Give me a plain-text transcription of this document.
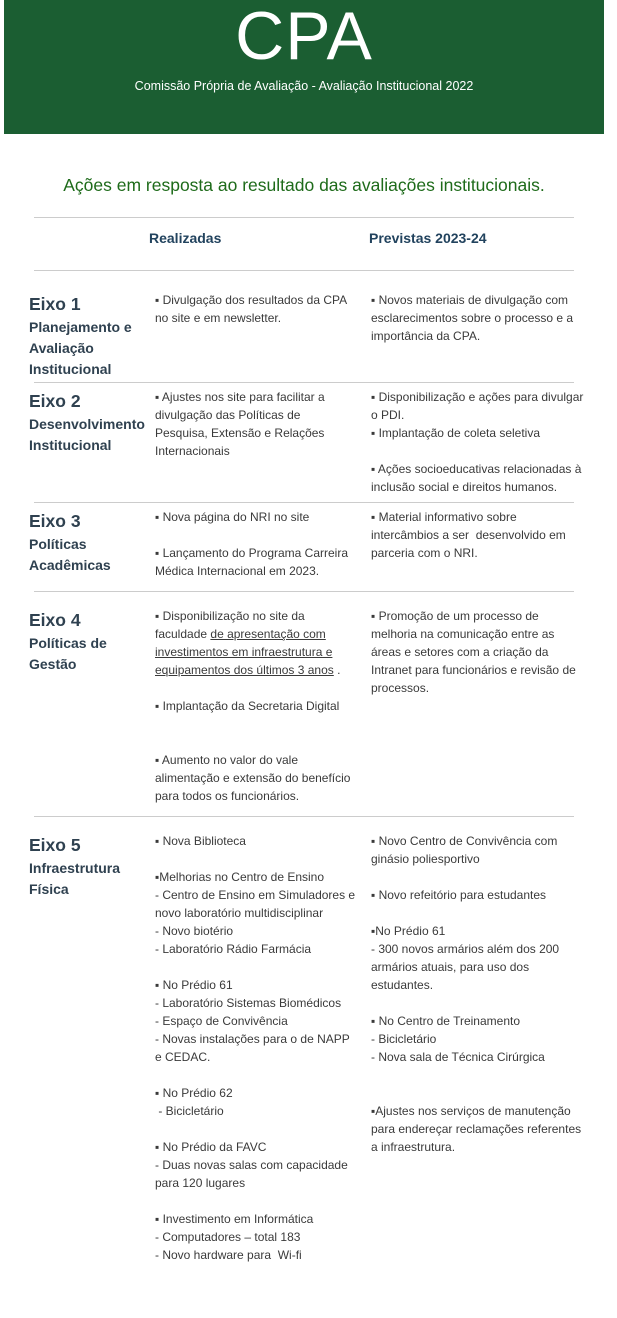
CPA
Comissão Própria de Avaliação - Avaliação Institucional 2022
Ações em resposta ao resultado das avaliações institucionais.
Realizadas	Previstas 2023-24
Eixo 1
Planejamento e Avaliação Institucional
▪ Divulgação dos resultados da CPA
no site e em newsletter.
▪ Novos materiais de divulgação com
esclarecimentos sobre o processo e a
importância da CPA.
Eixo 2
Desenvolvimento Institucional
▪ Ajustes nos site para facilitar a
divulgação das Políticas de
Pesquisa, Extensão e Relações
Internacionais
▪ Disponibilização e ações para divulgar
o PDI.
▪ Implantação de coleta seletiva
▪ Ações socioeducativas relacionadas à
inclusão social e direitos humanos.
Eixo 3
Políticas Acadêmicas
▪ Nova página do NRI no site
▪ Lançamento do Programa Carreira
Médica Internacional em 2023.
▪ Material informativo sobre
intercâmbios a ser  desenvolvido em
parceria com o NRI.
Eixo 4
Políticas de Gestão
▪ Disponibilização no site da
faculdade de apresentação com
investimentos em infraestrutura e
equipamentos dos últimos 3 anos .
▪ Implantação da Secretaria Digital
▪ Aumento no valor do vale
alimentação e extensão do benefício
para todos os funcionários.
▪ Promoção de um processo de
melhoria na comunicação entre as
áreas e setores com a criação da
Intranet para funcionários e revisão de
processos.
Eixo 5
Infraestrutura Física
▪ Nova Biblioteca
▪Melhorias no Centro de Ensino
- Centro de Ensino em Simuladores e
novo laboratório multidisciplinar
- Novo biotério
- Laboratório Rádio Farmácia
▪ No Prédio 61
- Laboratório Sistemas Biomédicos
- Espaço de Convivência
- Novas instalações para o de NAPP
e CEDAC.
▪ No Prédio 62
- Bicicletário
▪ No Prédio da FAVC
- Duas novas salas com capacidade
para 120 lugares
▪ Investimento em Informática
- Computadores – total 183
- Novo hardware para  Wi-fi
▪ Novo Centro de Convivência com
ginásio poliesportivo
▪ Novo refeitório para estudantes
▪No Prédio 61
- 300 novos armários além dos 200
armários atuais, para uso dos
estudantes.
▪ No Centro de Treinamento
- Bicicletário
- Nova sala de Técnica Cirúrgica
▪Ajustes nos serviços de manutenção
para endereçar reclamações referentes
a infraestrutura.
